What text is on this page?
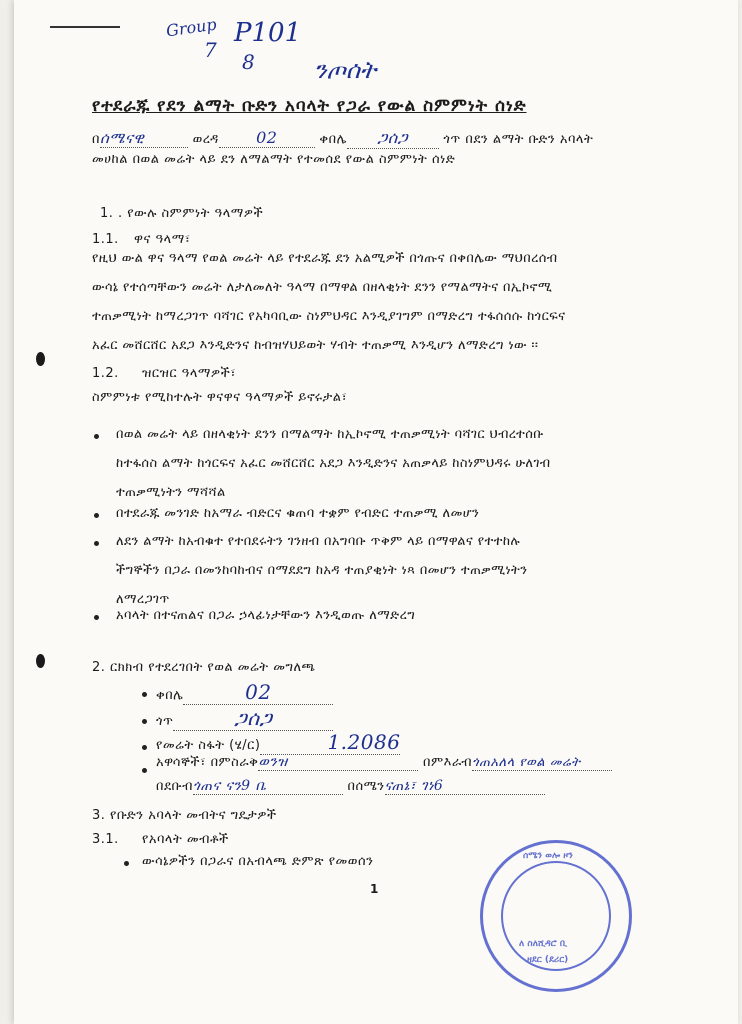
Group
7
P101
8 ንጦሰት
የተደራጁ የደን ልማት ቡድን አባላት የጋራ የውል ስምምነት ሰነድ
በሰሜናዊ	ወረዳ 02	ቀበሌ ጋሰጋ	ጎጥ በደን ልማት ቡድን አባላት
መሀከል በወል መሬት ላይ ደን ለማልማት የተመሰደ የውል ስምምነት ሰነድ
1. . የውሉ ስምምነት ዓላማዎች
1.1. ዋና ዓላማ፣
የዚህ ውል ዋና ዓላማ የወል መሬት ላይ የተደራጁ ደን አልሚዎች በጎጡና በቀበሌው ማህበረሰብ
ውሳኔ የተሰጣቸውን መሬት ለታለመለት ዓላማ በማዋል በዘላቂነት ደንን የማልማትና በኢኮኖሚ
ተጠቃሚነት ከማረጋገጥ ባሻገር የአካባቢው ስነምህዳር እንዲያገግም በማድረግ ተፋሰሰሱ ከጎርፍና
አፈር መሸርሸር አደጋ እንዲድንና ከብዝሃህይወት ሃብት ተጠቃሚ እንዲሆን ለማድረግ ነው ፡፡
1.2. ዝርዝር ዓላማዎች፣
ስምምነቱ የሚከተሉት ዋናዋና ዓላማዎች ይኖሩታል፣
በወል መሬት ላይ በዘላቂነት ደንን በማልማት ከኢኮኖሚ ተጠቃሚነት ባሻገር ህብረተሰቡ
ከተፋሰስ ልማት ከጎርፍና አፈር መሸርሸር አደጋ እንዲድንና አጠቃላይ ከስነምህዳሩ ሁለገብ
ተጠቃሚነትን ማሻሻል
በተደራጁ መንገድ ከአማራ ብድርና ቁጠባ ተቋም የብድር ተጠቃሚ ለመሆን
ለደን ልማት ከአብቁተ የተበደሩትን ገንዘብ በአግባቡ ጥቅም ላይ በማዋልና የተተከሉ
ችግኞችን በጋራ በመንከባከብና በማደደግ ከአዳ ተጠያቂነት ነጻ በመሆን ተጠቃሚነትን
ለማረጋገጥ
አባላት በተናጠልና በጋራ ኃላፊነታቸውን እንዲወጡ ለማድረግ
2. ርክክብ የተደረገበት የወል መሬት መግለጫ
ቀበሌ	02
ጎጥ	ጋሰጋ
የመሬት ስፋት (ሄ/ር)	1.2086
አዋሳኞች፣ በምስራቅወንዝ	በምእራብጎጠአለላ የወል መሬት
በደቡብጎጠና ናን9 ቤ	በሰሜንናጠኔ፣ ገነ6
3. የቡድን አባላት መብትና ግዴታዎች
3.1. የአባላት መብቶች
ውሳኔዎችን በጋራና በአብላጫ ድምጽ የመወሰን
1
ሰሜን ወሎ ዞን
ለ ስለሺዳሮ ቢ
ዘደር (ደሪር)
